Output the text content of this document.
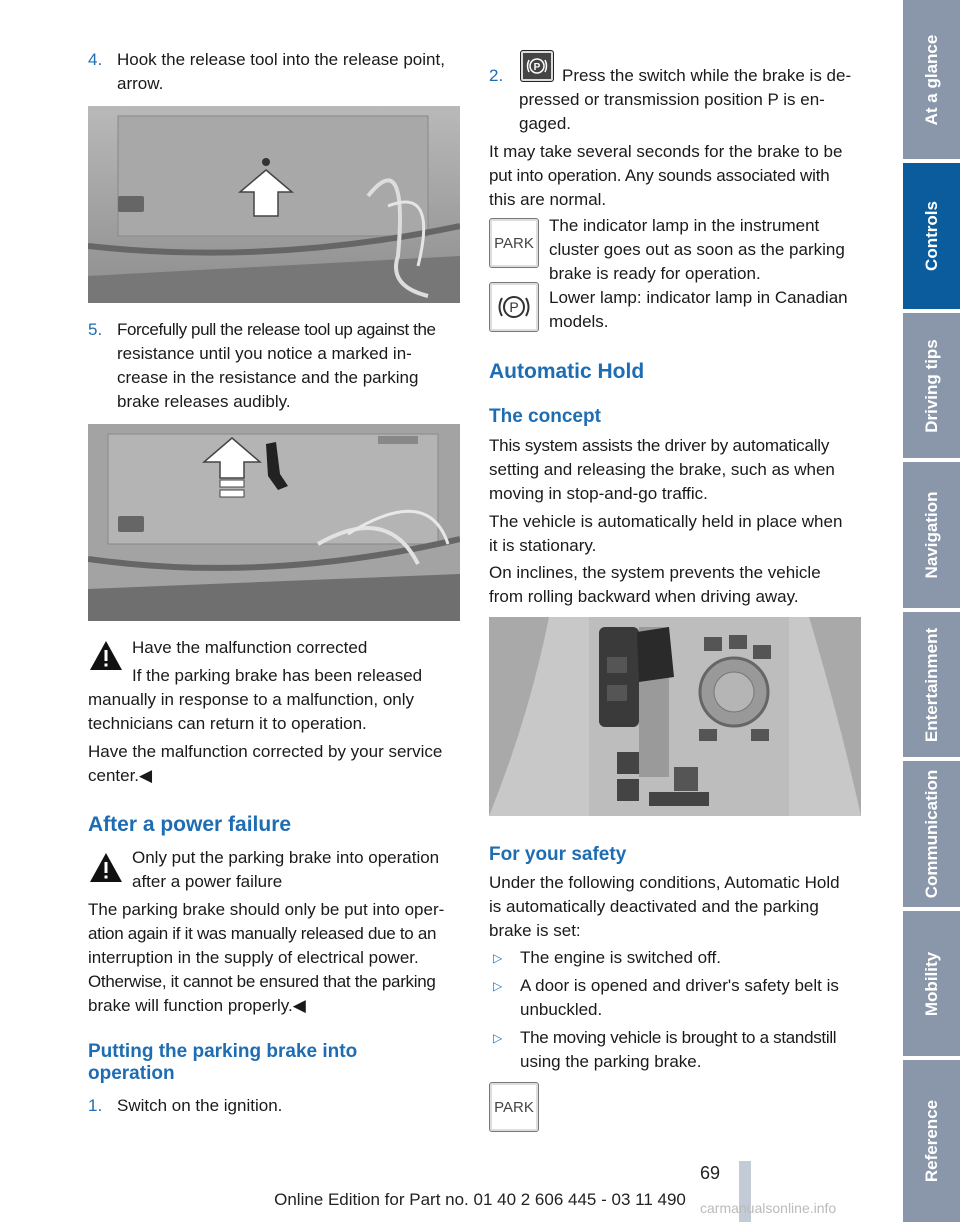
4. Hook the release tool into the release point,

arrow.

5. Forcefully pull the release tool up against the

resistance until you notice a marked in‐

crease in the resistance and the parking

brake releases audibly.

Have the malfunction corrected

If the parking brake has been released

manually in response to a malfunction, only

technicians can return it to operation.

Have the malfunction corrected by your service

center.◀

After a power failure

Only put the parking brake into operation

after a power failure

The parking brake should only be put into oper‐

ation again if it was manually released due to an

interruption in the supply of electrical power.

Otherwise, it cannot be ensured that the parking

brake will function properly.◀

Putting the parking brake into
operation
1. Switch on the ignition.

2.	P Press the switch while the brake is de‐

pressed or transmission position P is en‐

gaged.

It may take several seconds for the brake to be

put into operation. Any sounds associated with

this are normal.

PARK

The indicator lamp in the instrument

cluster goes out as soon as the parking

brake is ready for operation.

P Lower lamp: indicator lamp in Canadian

models.

Automatic Hold
The concept

This system assists the driver by automatically

setting and releasing the brake, such as when

moving in stop-and-go traffic.

The vehicle is automatically held in place when

it is stationary.

On inclines, the system prevents the vehicle

from rolling backward when driving away.

For your safety

Under the following conditions, Automatic Hold

is automatically deactivated and the parking

brake is set:

▷ The engine is switched off.

▷ A door is opened and driver's safety belt is

unbuckled.

▷ The moving vehicle is brought to a standstill

using the parking brake.

PARK
At a glance
Controls
Driving tips
Navigation
Entertainment
Communication
Mobility
Reference
69
Online Edition for Part no. 01 40 2 606 445 - 03 11 490	carmanualsonline.info
